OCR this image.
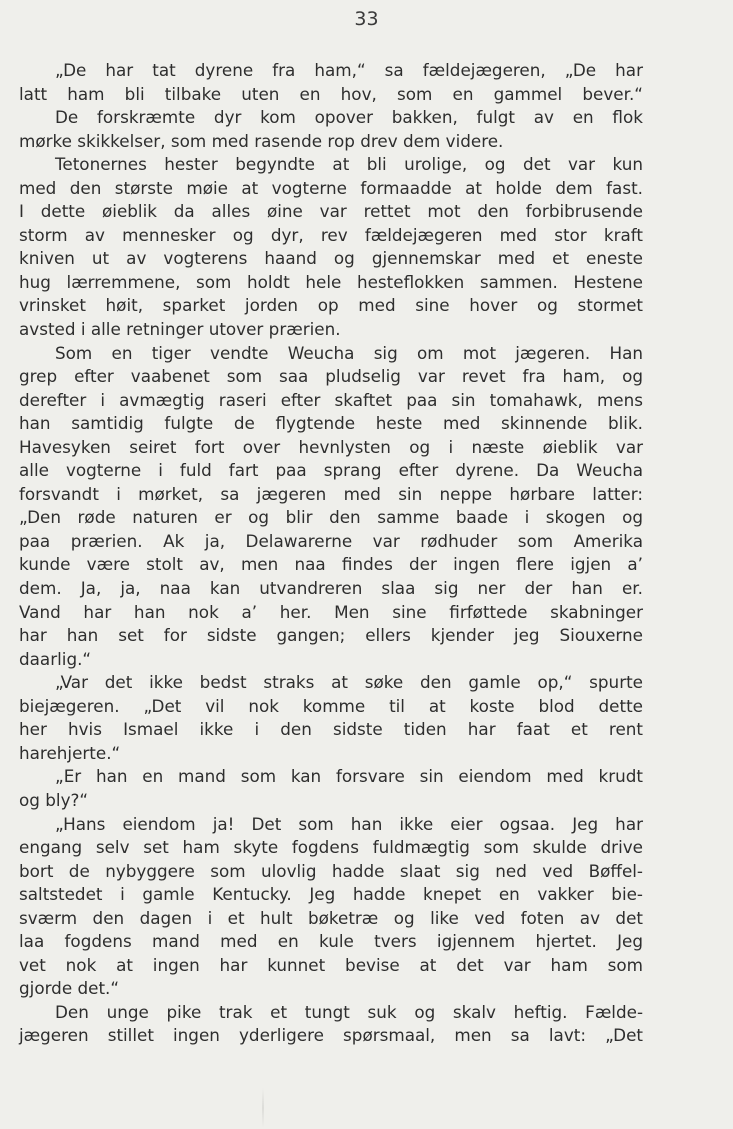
33
„De har tat dyrene fra ham,“ sa fældejægeren, „De har
latt ham bli tilbake uten en hov, som en gammel bever.“
De forskræmte dyr kom opover bakken, fulgt av en flok
mørke skikkelser, som med rasende rop drev dem videre.
Tetonernes hester begyndte at bli urolige, og det var kun
med den største møie at vogterne formaadde at holde dem fast.
I dette øieblik da alles øine var rettet mot den forbibrusende
storm av mennesker og dyr, rev fældejægeren med stor kraft
kniven ut av vogterens haand og gjennemskar med et eneste
hug lærremmene, som holdt hele hesteflokken sammen. Hestene
vrinsket høit, sparket jorden op med sine hover og stormet
avsted i alle retninger utover prærien.
Som en tiger vendte Weucha sig om mot jægeren. Han
grep efter vaabenet som saa pludselig var revet fra ham, og
derefter i avmægtig raseri efter skaftet paa sin tomahawk, mens
han samtidig fulgte de flygtende heste med skinnende blik.
Havesyken seiret fort over hevnlysten og i næste øieblik var
alle vogterne i fuld fart paa sprang efter dyrene. Da Weucha
forsvandt i mørket, sa jægeren med sin neppe hørbare latter:
„Den røde naturen er og blir den samme baade i skogen og
paa prærien. Ak ja, Delawarerne var rødhuder som Amerika
kunde være stolt av, men naa findes der ingen flere igjen a’
dem. Ja, ja, naa kan utvandreren slaa sig ner der han er.
Vand har han nok a’ her. Men sine firføttede skabninger
har han set for sidste gangen; ellers kjender jeg Siouxerne
daarlig.“
„Var det ikke bedst straks at søke den gamle op,“ spurte
biejægeren. „Det vil nok komme til at koste blod dette
her hvis Ismael ikke i den sidste tiden har faat et rent
harehjerte.“
„Er han en mand som kan forsvare sin eiendom med krudt
og bly?“
„Hans eiendom ja! Det som han ikke eier ogsaa. Jeg har
engang selv set ham skyte fogdens fuldmægtig som skulde drive
bort de nybyggere som ulovlig hadde slaat sig ned ved Bøffel-
saltstedet i gamle Kentucky. Jeg hadde knepet en vakker bie-
sværm den dagen i et hult bøketræ og like ved foten av det
laa fogdens mand med en kule tvers igjennem hjertet. Jeg
vet nok at ingen har kunnet bevise at det var ham som
gjorde det.“
Den unge pike trak et tungt suk og skalv heftig. Fælde-
jægeren stillet ingen yderligere spørsmaal, men sa lavt: „Det
